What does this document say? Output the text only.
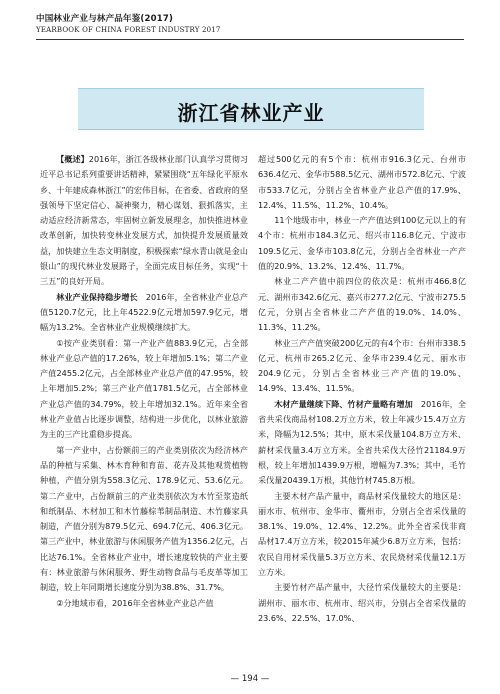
中国林业产业与林产品年鉴(2017)
YEARBOOK OF CHINA FOREST INDUSTRY 2017
浙江省林业产业

【概述】2016年，浙江各级林业部门认真学习贯彻习近平总书记系列重要讲话精神，紧紧围绕“五年绿化平原水乡、十年建成森林浙江”的宏伟目标，在省委、省政府的坚强领导下坚定信心、凝神聚力，精心谋划、狠抓落实，主动适应经济新常态，牢固树立新发展理念，加快推进林业改革创新，加快转变林业发展方式，加快提升发展质量效益，加快建立生态文明制度，积极探索“绿水青山就是金山银山”的现代林业发展路子，全面完成目标任务，实现“十三五”的良好开局。

林业产业保持稳步增长　 2016年，全省林业产业总产值5120.7亿元，比上年4522.9亿元增加597.9亿元，增幅为13.2%。全省林业产业规模继续扩大。

①按产业类别看：第一产业产值883.9亿元，占全部林业产业总产值的17.26%，较上年增加5.1%；第二产业产值2455.2亿元，占全部林业产业总产值的47.95%，较上年增加5.2%；第三产业产值1781.5亿元，占全部林业产业总产值的34.79%，较上年增加32.1%。近年来全省林业产业值占比逐步调整，结构进一步优化，以林业旅游为主的三产比重稳步提高。

第一产业中，占份额前三的产业类别依次为经济林产品的种植与采集、林木育种和育苗、花卉及其他观赏植物种植，产值分别为558.3亿元、178.9亿元、53.6亿元。第二产业中，占份额前三的产业类别依次为木竹至浆造纸和纸制品、木材加工和木竹藤棕苇制品制造、木竹藤家具制造，产值分别为879.5亿元、694.7亿元、406.3亿元。第三产业中，林业旅游与休闲服务产值为1356.2亿元，占比达76.1%。全省林业产业中，增长速度较快的产业主要有：林业旅游与休闲服务、野生动物食品与毛皮革等加工制造，较上年同期增长速度分别为38.8%、31.7%。

②分地域市看，2016年全省林业产业总产值

超过500亿元的有5个市：杭州市916.3亿元、台州市636.4亿元、金华市588.5亿元、湖州市572.8亿元、宁波市533.7亿元，分别占全省林业产业总产值的17.9%、12.4%、11.5%、11.2%、10.4%。

11个地级市中，林业一产产值达到100亿元以上的有4个市：杭州市184.3亿元、绍兴市116.8亿元、宁波市109.5亿元、金华市103.8亿元，分别占全省林业一产产值的20.9%、13.2%、12.4%、11.7%。

林业二产产值中前四位的依次是：杭州市466.8亿元、湖州市342.6亿元、嘉兴市277.2亿元、宁波市275.5亿元，分别占全省林业二产产值的19.0%、14.0%、11.3%、11.2%。

林业三产产值突破200亿元的有4个市：台州市338.5亿元、杭州市265.2亿元、金华市239.4亿元、丽水市204.9亿元，分别占全省林业三产产值的19.0%、14.9%、13.4%、11.5%。

木材产量继续下降、竹材产量略有增加　 2016年，全省共采伐商品材108.2万立方米，较上年减少15.4万立方米，降幅为12.5%；其中，原木采伐量104.8万立方米、薪材采伐量3.4万立方米。全省共采伐大径竹21184.9万根，较上年增加1439.9万根，增幅为7.3%；其中，毛竹采伐量20439.1万根，其他竹材745.8万根。

主要木材产品产量中，商品材采伐量较大的地区是：丽水市、杭州市、金华市、衢州市，分别占全省采伐量的38.1%、19.0%、12.4%、12.2%。此外全省采伐非商品材17.4万立方米，较2015年减少6.8万立方米，包括：农民自用材采伐量5.3万立方米、农民烧材采伐量12.1万立方米。

主要竹材产品产量中，大径竹采伐量较大的主要是：湖州市、丽水市、杭州市、绍兴市，分别占全省采伐量的23.6%、22.5%、17.0%、

— 194 —
